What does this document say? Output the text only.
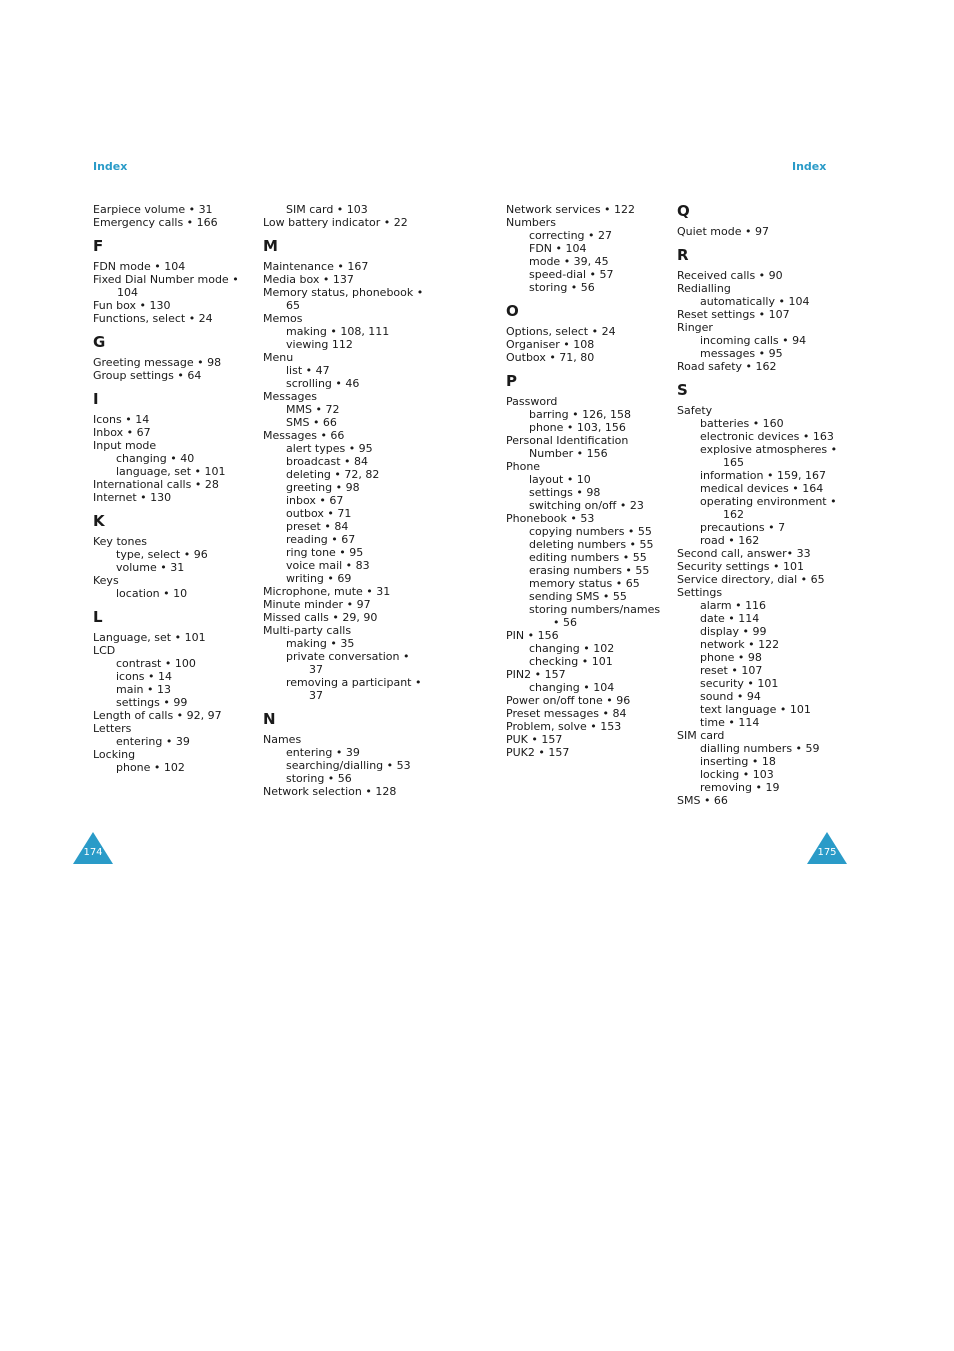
Index	Index
Earpiece volume • 31
Emergency calls • 166
F
FDN mode • 104
Fixed Dial Number mode •
104
Fun box • 130
Functions, select • 24
G
Greeting message • 98
Group settings • 64
I
Icons • 14
Inbox • 67
Input mode
changing • 40
language, set • 101
International calls • 28
Internet • 130
K
Key tones
type, select • 96
volume • 31
Keys
location • 10
L
Language, set • 101
LCD
contrast • 100
icons • 14
main • 13
settings • 99
Length of calls • 92, 97
Letters
entering • 39
Locking
phone • 102
SIM card • 103
Low battery indicator • 22
M
Maintenance • 167
Media box • 137
Memory status, phonebook •
65
Memos
making • 108, 111
viewing 112
Menu
list • 47
scrolling • 46
Messages
MMS • 72
SMS • 66
Messages • 66
alert types • 95
broadcast • 84
deleting • 72, 82
greeting • 98
inbox • 67
outbox • 71
preset • 84
reading • 67
ring tone • 95
voice mail • 83
writing • 69
Microphone, mute • 31
Minute minder • 97
Missed calls • 29, 90
Multi-party calls
making • 35
private conversation •
37
removing a participant •
37
N
Names
entering • 39
searching/dialling • 53
storing • 56
Network selection • 128
Network services • 122
Numbers
correcting • 27
FDN • 104
mode • 39, 45
speed-dial • 57
storing • 56
O
Options, select • 24
Organiser • 108
Outbox • 71, 80
P
Password
barring • 126, 158
phone • 103, 156
Personal Identification
Number • 156
Phone
layout • 10
settings • 98
switching on/off • 23
Phonebook • 53
copying numbers • 55
deleting numbers • 55
editing numbers • 55
erasing numbers • 55
memory status • 65
sending SMS • 55
storing numbers/names
• 56
PIN • 156
changing • 102
checking • 101
PIN2 • 157
changing • 104
Power on/off tone • 96
Preset messages • 84
Problem, solve • 153
PUK • 157
PUK2 • 157
Q
Quiet mode • 97
R
Received calls • 90
Redialling
automatically • 104
Reset settings • 107
Ringer
incoming calls • 94
messages • 95
Road safety • 162
S
Safety
batteries • 160
electronic devices • 163
explosive atmospheres •
165
information • 159, 167
medical devices • 164
operating environment •
162
precautions • 7
road • 162
Second call, answer• 33
Security settings • 101
Service directory, dial • 65
Settings
alarm • 116
date • 114
display • 99
network • 122
phone • 98
reset • 107
security • 101
sound • 94
text language • 101
time • 114
SIM card
dialling numbers • 59
inserting • 18
locking • 103
removing • 19
SMS • 66
174	175
